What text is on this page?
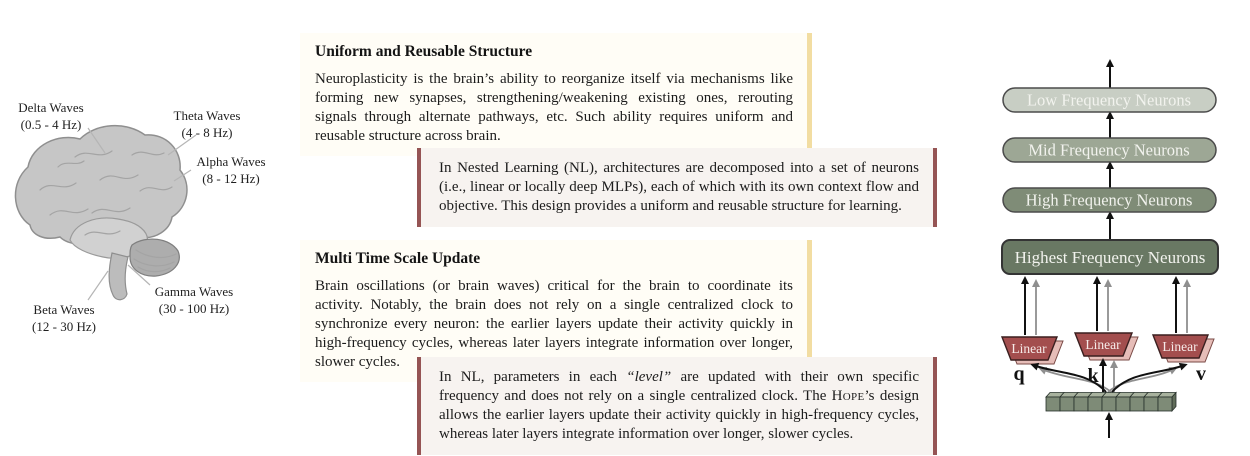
Delta Waves
(0.5 - 4 Hz)
Theta Waves
(4 - 8 Hz)
Alpha Waves
(8 - 12 Hz)
Gamma Waves
(30 - 100 Hz)
Beta Waves
(12 - 30 Hz)
Uniform and Reusable Structure

Neuroplasticity is the brain’s ability to reorganize itself via mechanisms like forming new synapses, strengthening/weakening existing ones, rerouting signals through alternate pathways, etc. Such ability requires uniform and reusable structure across brain.

In Nested Learning (NL), architectures are decomposed into a set of neurons (i.e., linear or locally deep MLPs), each of which with its own context flow and objective. This design provides a uniform and reusable structure for learning.

Multi Time Scale Update

Brain oscillations (or brain waves) critical for the brain to coordinate its activity. Notably, the brain does not rely on a single centralized clock to synchronize every neuron: the earlier layers update their activity quickly in high-frequency cycles, whereas later layers integrate information over longer, slower cycles.

In NL, parameters in each “level” are updated with their own specific frequency and does not rely on a single centralized clock. The Hope’s design allows the earlier layers update their activity quickly in high-frequency cycles, whereas later layers integrate information over longer, slower cycles.

Low Frequency Neurons
Mid Frequency Neurons
High Frequency Neurons
Highest Frequency Neurons
Linear	Linear	Linear
q	k	v
